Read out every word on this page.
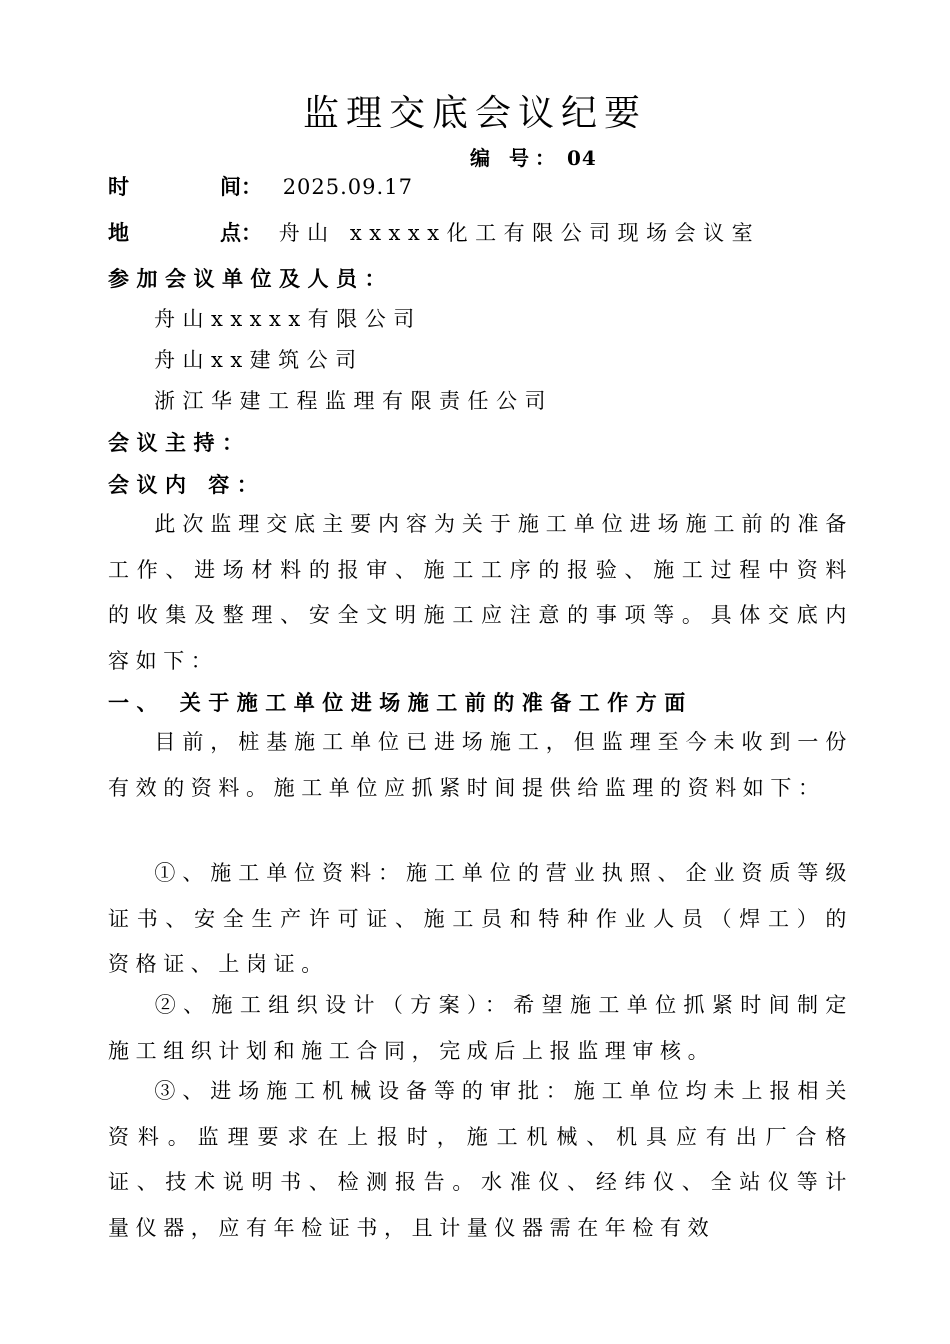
监理交底会议纪要
编 号： 04
时	间： 2025.09.17
地	点： 舟山 xxxxx化工有限公司现场会议室
参加会议单位及人员：
舟山xxxxx有限公司
舟山xx建筑公司
浙江华建工程监理有限责任公司
会议主持：
会议内 容：
此次监理交底主要内容为关于施工单位进场施工前的准备工作、进场材料的报审、施工工序的报验、施工过程中资料的收集及整理、安全文明施工应注意的事项等。具体交底内容如下：
一、 关于施工单位进场施工前的准备工作方面
目前，桩基施工单位已进场施工，但监理至今未收到一份有效的资料。施工单位应抓紧时间提供给监理的资料如下：
①、施工单位资料：施工单位的营业执照、企业资质等级证书、安全生产许可证、施工员和特种作业人员（焊工）的资格证、上岗证。
②、施工组织设计（方案）：希望施工单位抓紧时间制定施工组织计划和施工合同，完成后上报监理审核。
③、进场施工机械设备等的审批：施工单位均未上报相关资料。监理要求在上报时，施工机械、机具应有出厂合格证、技术说明书、检测报告。水准仪、经纬仪、全站仪等计量仪器，应有年检证书，且计量仪器需在年检有效
